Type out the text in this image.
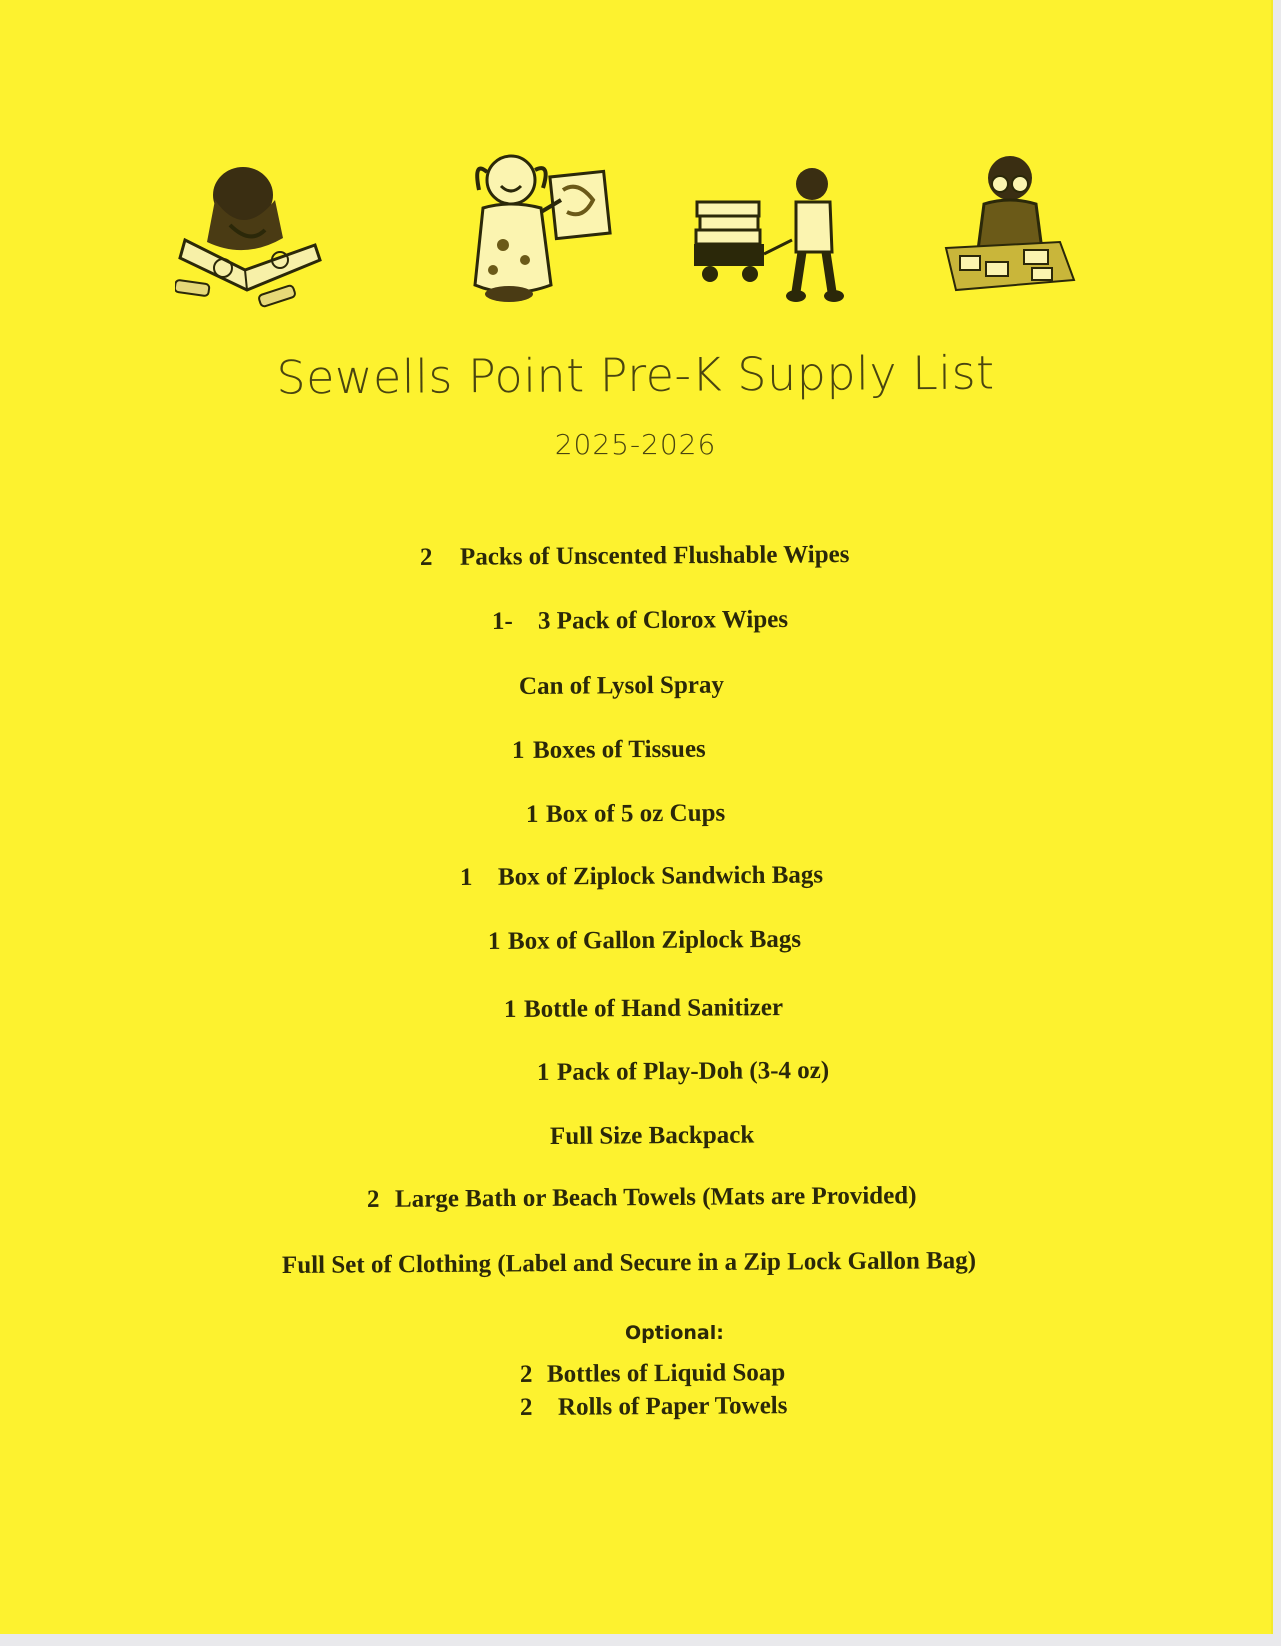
Sewells Point Pre-K Supply List
2025-2026
2 Packs of Unscented Flushable Wipes
1- 3 Pack of Clorox Wipes
Can of Lysol Spray
1 Boxes of Tissues
1 Box of 5 oz Cups
1 Box of Ziplock Sandwich Bags
1 Box of Gallon Ziplock Bags
1 Bottle of Hand Sanitizer
1 Pack of Play-Doh (3-4 oz)
Full Size Backpack
2 Large Bath or Beach Towels (Mats are Provided)
Full Set of Clothing (Label and Secure in a Zip Lock Gallon Bag)
Optional:
2 Bottles of Liquid Soap
2 Rolls of Paper Towels
